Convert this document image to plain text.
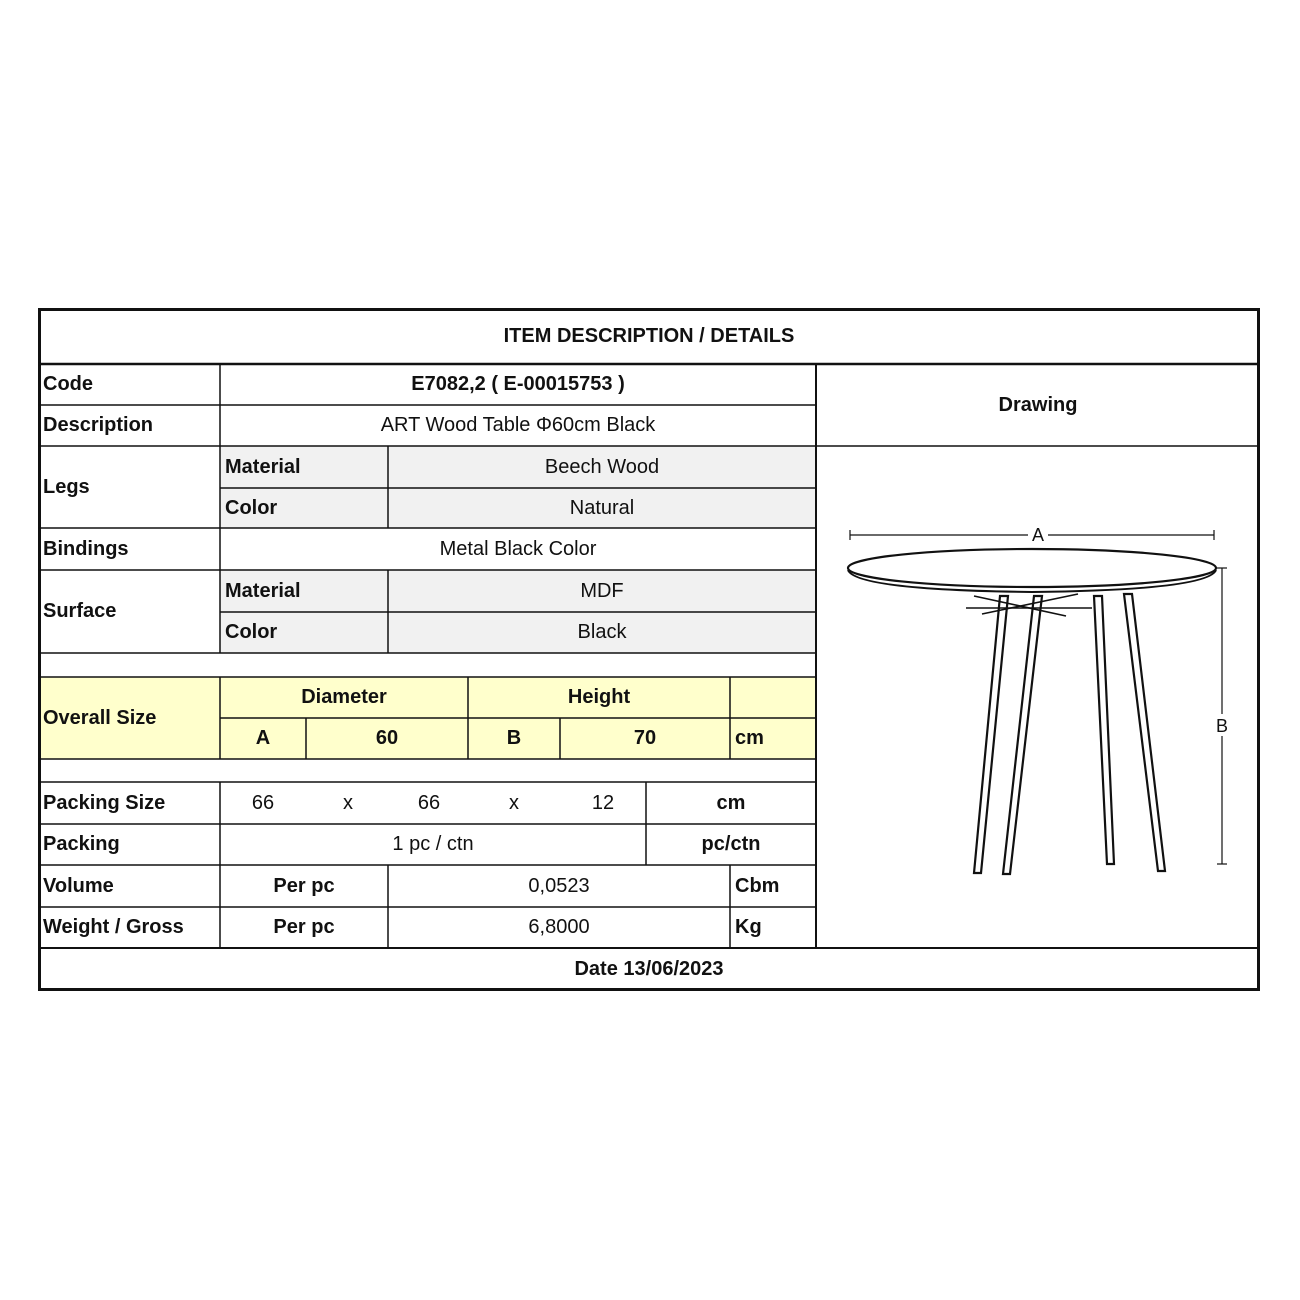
ITEM DESCRIPTION / DETAILS
Code	E7082,2 ( E-00015753 )
Description	ART Wood Table Φ60cm Black
Legs
Material	Beech Wood
Color	Natural
Bindings	Metal Black Color
Surface
Material	MDF
Color	Black
Overall Size
Diameter	Height
A	60	B	70	cm
Packing Size	66	x	66	x	12	cm
Packing	1 pc / ctn	pc/ctn
Volume	Per pc	0,0523	Cbm
Weight / Gross	Per pc	6,8000	Kg
Drawing
A
B
Date 13/06/2023
